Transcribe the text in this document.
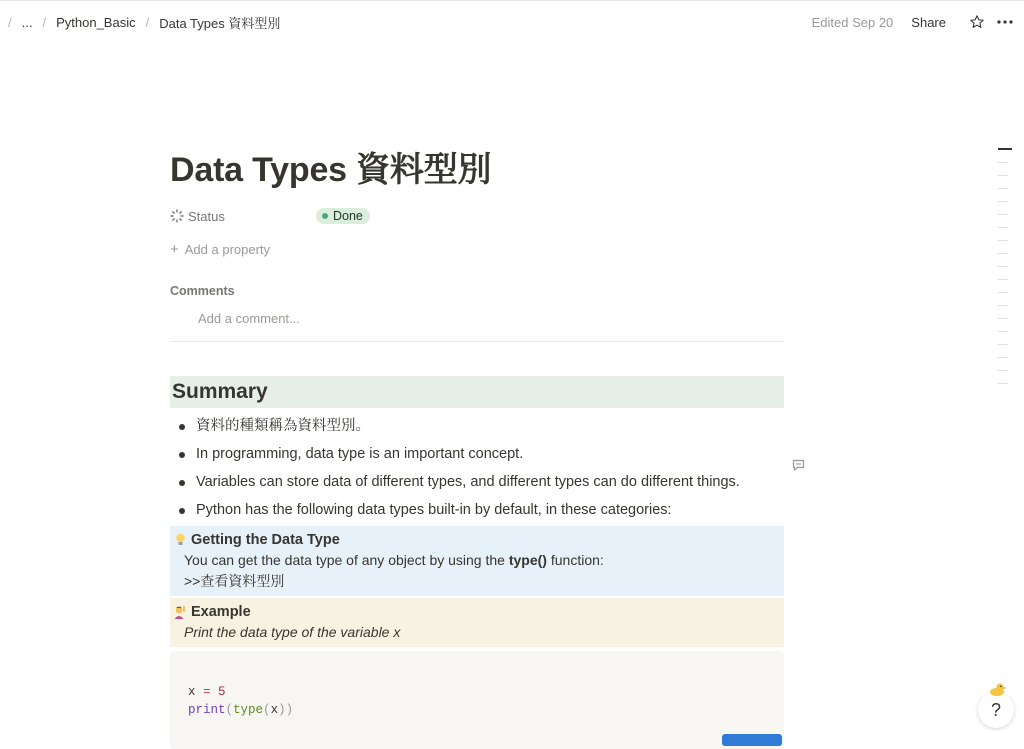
/ ... / Python_Basic / Data Types 資料型別	Edited Sep 20 Share
Data Types 資料型別
Status	Done
+ Add a property
Comments
Add a comment...
Summary
資料的種類稱為資料型別。
In programming, data type is an important concept.
Variables can store data of different types, and different types can do different things.
Python has the following data types built-in by default, in these categories:
Getting the Data Type
You can get the data type of any object by using the type() function:
>>查看資料型別
Example
Print the data type of the variable x
x = 5
print(type(x))	?
